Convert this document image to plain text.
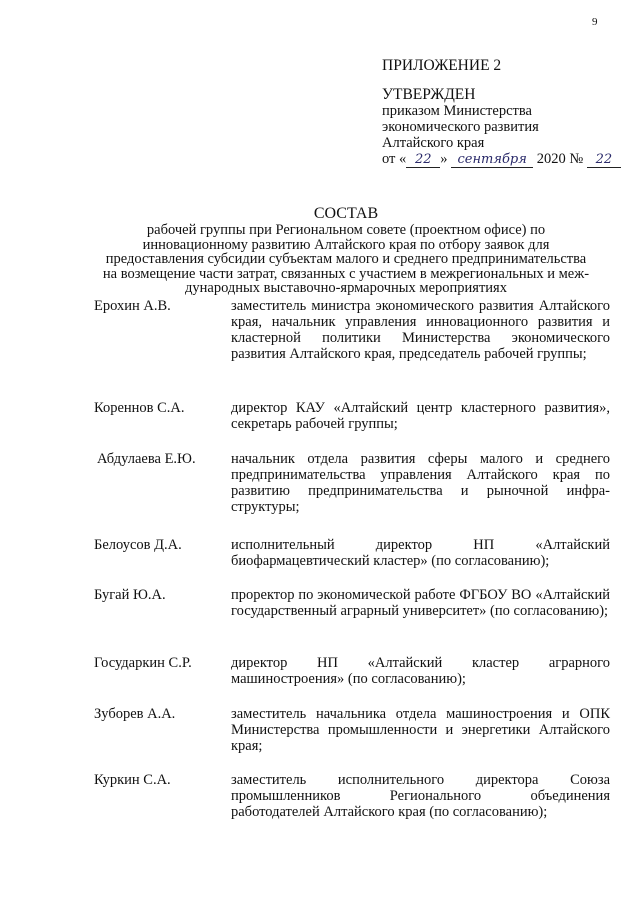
9
ПРИЛОЖЕНИЕ 2
УТВЕРЖДЕН
приказом Министерства
экономического развития
Алтайского края
от « 22 » сентября 2020 № 22
СОСТАВ
рабочей группы при Региональном совете (проектном офисе) по
инновационному развитию Алтайского края по отбору заявок для
предоставления субсидии субъектам малого и среднего предпринимательства
на возмещение части затрат, связанных с участием в межрегиональных и меж-
дународных выставочно-ярмарочных мероприятиях
Ерохин А.В.	заместитель министра экономического развития Алтайского края, начальник управления инновационного развития и кластерной политики Министерства экономического развития Алтайского края, председатель рабочей группы;
Кореннов С.А.	директор КАУ «Алтайский центр кластерного развития», секретарь рабочей группы;
Абдулаева Е.Ю. начальник отдела развития сферы малого и среднего предпринимательства управления Алтайского края по развитию предпринимательства и рыночной инфра-структуры;
Белоусов Д.А.	исполнительный директор НП «Алтайский биофармацевтический кластер» (по согласованию);
Бугай Ю.А.	проректор по экономической работе ФГБОУ ВО «Алтайский государственный аграрный университет» (по согласованию);
Государкин С.Р.	директор НП «Алтайский кластер аграрного машиностроения» (по согласованию);
Зуборев А.А.	заместитель начальника отдела машиностроения и ОПК Министерства промышленности и энергетики Алтайского края;
Куркин С.А.	заместитель исполнительного директора Союза промышленников Регионального объединения работодателей Алтайского края (по согласованию);
